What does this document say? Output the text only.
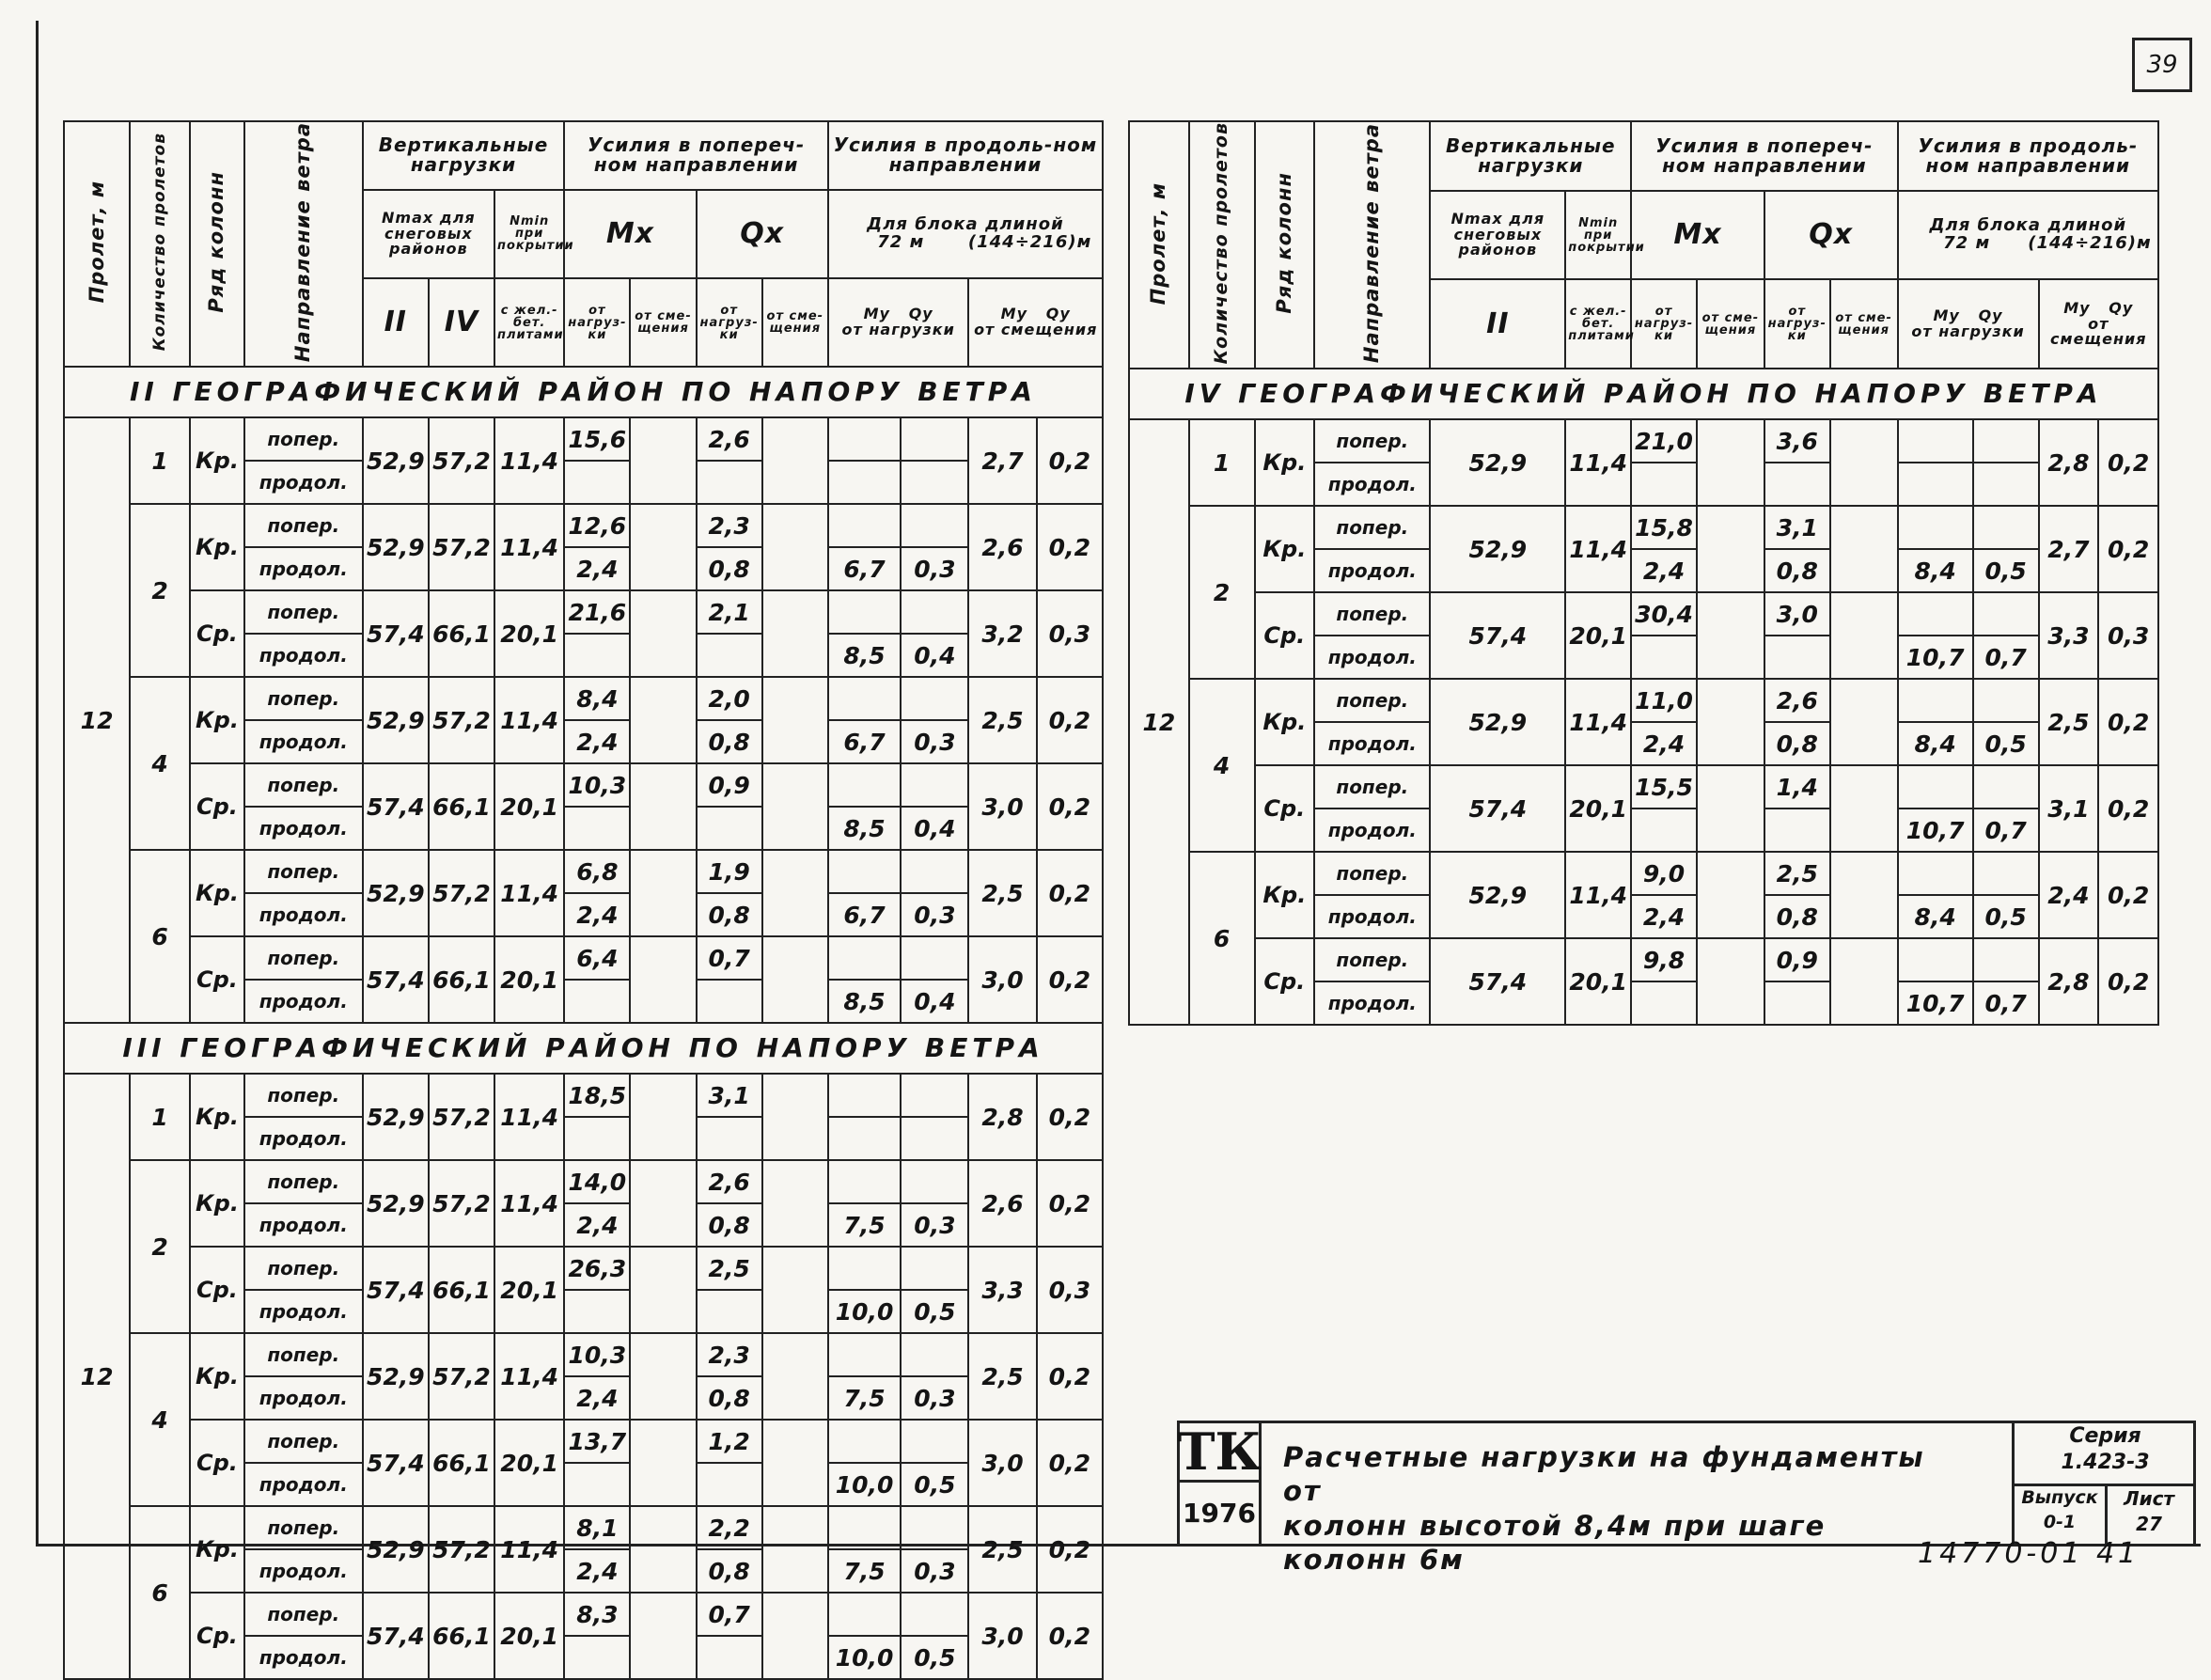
39
Пролет, м	Количество пролетов	Ряд колонн	Направление ветра	Вертикальные нагрузки			Усилия в попереч-ном направлении				Усилия в продоль-ном направлении			
				Nmax для снеговых районов		Nmin при покрытии	Mx		Qx		Для блока длиной
72 м (144÷216)м			
				II	IV	с жел.-бет. плитами	от нагруз-ки	от сме-щения	от нагруз-ки	от сме-щения	My Qy
от нагрузки		My Qy
от смещения	
II ГЕОГРАФИЧЕСКИЙ РАЙОН ПО НАПОРУ ВЕТРА														
12	1	Кр.	попер.	52,9	57,2	11,4	15,6		2,6				2,7	0,2
			продол.											
	2	Кр.	попер.	52,9	57,2	11,4	12,6		2,3				2,6	0,2
			продол.				2,4		0,8		6,7	0,3		
		Ср.	попер.	57,4	66,1	20,1	21,6		2,1				3,2	0,3
			продол.								8,5	0,4		
	4	Кр.	попер.	52,9	57,2	11,4	8,4		2,0				2,5	0,2
			продол.				2,4		0,8		6,7	0,3		
		Ср.	попер.	57,4	66,1	20,1	10,3		0,9				3,0	0,2
			продол.								8,5	0,4		
	6	Кр.	попер.	52,9	57,2	11,4	6,8		1,9				2,5	0,2
			продол.				2,4		0,8		6,7	0,3		
		Ср.	попер.	57,4	66,1	20,1	6,4		0,7				3,0	0,2
			продол.								8,5	0,4		
III ГЕОГРАФИЧЕСКИЙ РАЙОН ПО НАПОРУ ВЕТРА														
12	1	Кр.	попер.	52,9	57,2	11,4	18,5		3,1				2,8	0,2
			продол.											
	2	Кр.	попер.	52,9	57,2	11,4	14,0		2,6				2,6	0,2
			продол.				2,4		0,8		7,5	0,3		
		Ср.	попер.	57,4	66,1	20,1	26,3		2,5				3,3	0,3
			продол.								10,0	0,5		
	4	Кр.	попер.	52,9	57,2	11,4	10,3		2,3				2,5	0,2
			продол.				2,4		0,8		7,5	0,3		
		Ср.	попер.	57,4	66,1	20,1	13,7		1,2				3,0	0,2
			продол.								10,0	0,5		
	6	Кр.	попер.	52,9	57,2	11,4	8,1		2,2				2,5	0,2
			продол.				2,4		0,8		7,5	0,3		
		Ср.	попер.	57,4	66,1	20,1	8,3		0,7				3,0	0,2
			продол.								10,0	0,5		
Пролет, м	Количество пролетов	Ряд колонн	Направление ветра	Вертикальные нагрузки		Усилия в попереч-ном направлении				Усилия в продоль-ном направлении			
				Nmax для снеговых районов	Nmin при покрытии	Mx		Qx		Для блока длиной
72 м (144÷216)м			
				II	с жел.-бет. плитами	от нагруз-ки	от сме-щения	от нагруз-ки	от сме-щения	My Qy
от нагрузки		My Qy
от смещения	
IV ГЕОГРАФИЧЕСКИЙ РАЙОН ПО НАПОРУ ВЕТРА													
12	1	Кр.	попер.	52,9	11,4	21,0		3,6				2,8	0,2
			продол.										
	2	Кр.	попер.	52,9	11,4	15,8		3,1				2,7	0,2
			продол.			2,4		0,8		8,4	0,5		
		Ср.	попер.	57,4	20,1	30,4		3,0				3,3	0,3
			продол.							10,7	0,7		
	4	Кр.	попер.	52,9	11,4	11,0		2,6				2,5	0,2
			продол.			2,4		0,8		8,4	0,5		
		Ср.	попер.	57,4	20,1	15,5		1,4				3,1	0,2
			продол.							10,7	0,7		
	6	Кр.	попер.	52,9	11,4	9,0		2,5				2,4	0,2
			продол.			2,4		0,8		8,4	0,5		
		Ср.	попер.	57,4	20,1	9,8		0,9				2,8	0,2
			продол.							10,7	0,7		
ТК
1976
Расчетные нагрузки на фундаменты от
колонн высотой 8,4м при шаге колонн 6м
Серия
1.423-3
Выпуск
0-1
Лист
27
14770-01 41
